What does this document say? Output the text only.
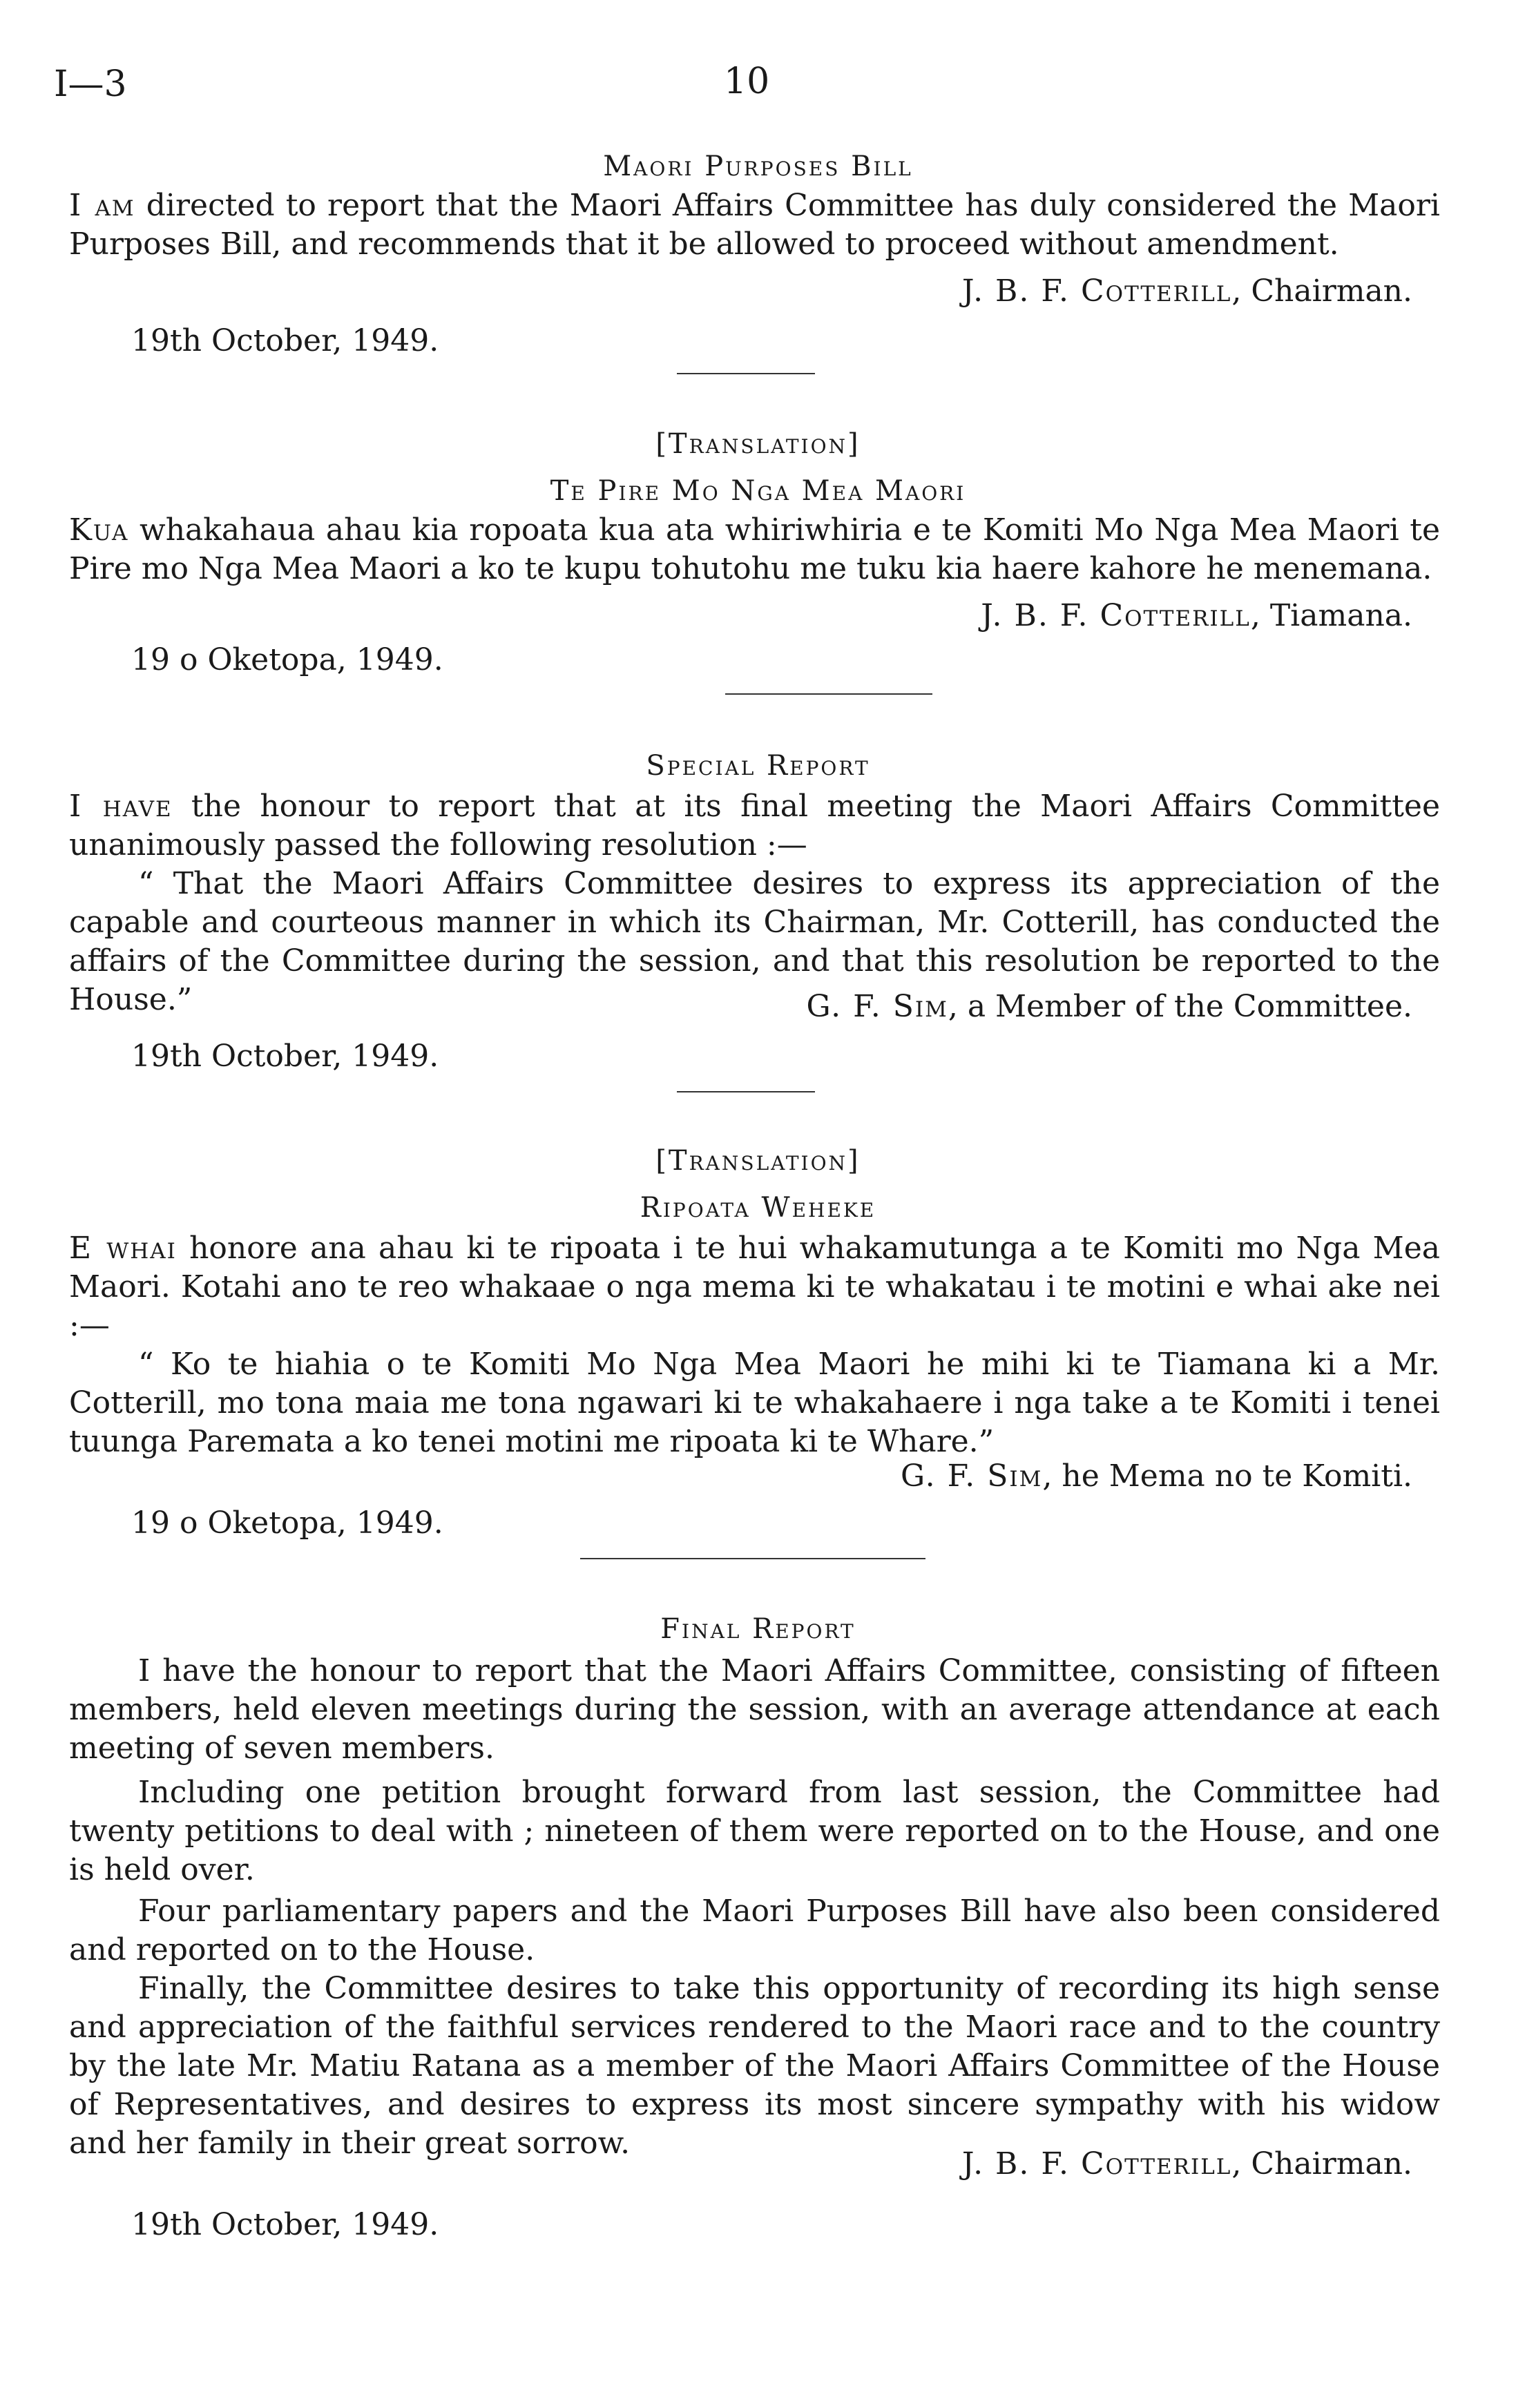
I—3	10
Maori Purposes Bill

I am directed to report that the Maori Affairs Committee has duly considered the Maori Purposes Bill, and recommends that it be allowed to proceed without amendment.

J. B. F. Cotterill, Chairman.
19th October, 1949.
[Translation]
Te Pire Mo Nga Mea Maori

Kua whakahaua ahau kia ropoata kua ata whiriwhiria e te Komiti Mo Nga Mea Maori te Pire mo Nga Mea Maori a ko te kupu tohutohu me tuku kia haere kahore he menemana.

J. B. F. Cotterill, Tiamana.
19 o Oketopa, 1949.
Special Report

I have the honour to report that at its final meeting the Maori Affairs Committee unanimously passed the following resolution :—

“ That the Maori Affairs Committee desires to express its appreciation of the capable and courteous manner in which its Chairman, Mr. Cotterill, has conducted the affairs of the Committee during the session, and that this resolution be reported to the House.”	G. F. Sim, a Member of the Committee.
19th October, 1949.
[Translation]
Ripoata Weheke

E whai honore ana ahau ki te ripoata i te hui whakamutunga a te Komiti mo Nga Mea Maori. Kotahi ano te reo whakaae o nga mema ki te whakatau i te motini e whai ake nei :—

“ Ko te hiahia o te Komiti Mo Nga Mea Maori he mihi ki te Tiamana ki a Mr. Cotterill, mo tona maia me tona ngawari ki te whakahaere i nga take a te Komiti i tenei tuunga Paremata a ko tenei motini me ripoata ki te Whare.”

G. F. Sim, he Mema no te Komiti.
19 o Oketopa, 1949.
Final Report

I have the honour to report that the Maori Affairs Committee, consisting of fifteen members, held eleven meetings during the session, with an average attendance at each meeting of seven members.

Including one petition brought forward from last session, the Committee had twenty petitions to deal with ; nineteen of them were reported on to the House, and one is held over.

Four parliamentary papers and the Maori Purposes Bill have also been considered and reported on to the House.

Finally, the Committee desires to take this opportunity of recording its high sense and appreciation of the faithful services rendered to the Maori race and to the country by the late Mr. Matiu Ratana as a member of the Maori Affairs Committee of the House of Representatives, and desires to express its most sincere sympathy with his widow and her family in their great sorrow.

J. B. F. Cotterill, Chairman.
19th October, 1949.
